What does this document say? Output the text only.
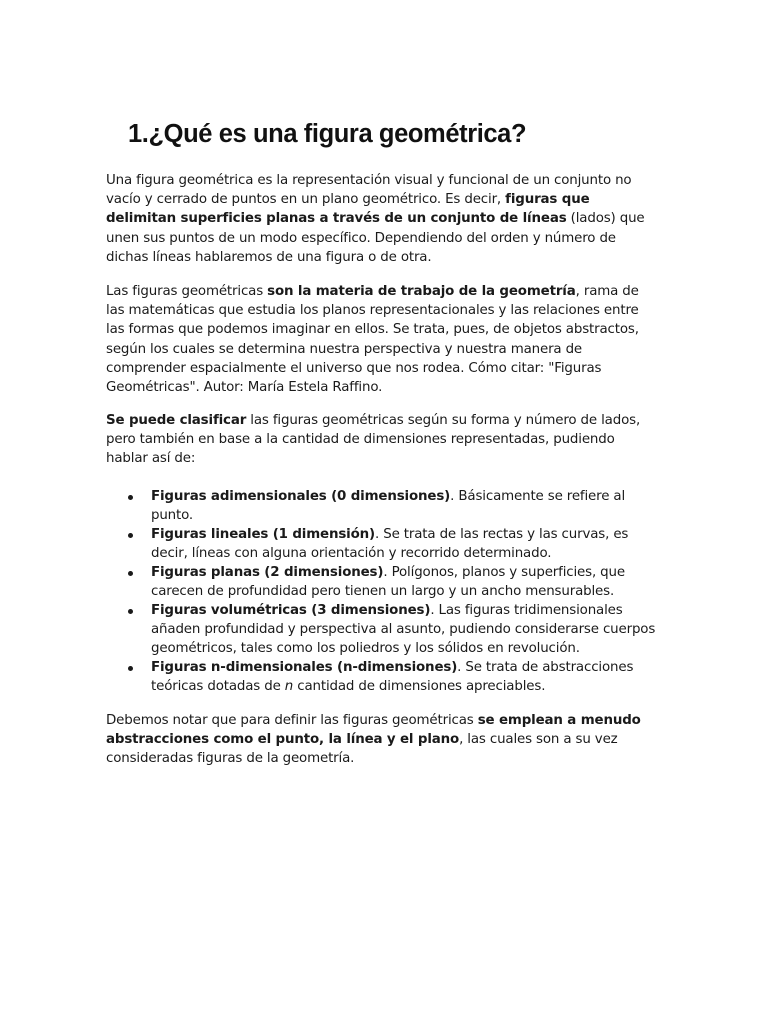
1.¿Qué es una figura geométrica?

Una figura geométrica es la representación visual y funcional de un conjunto no
vacío y cerrado de puntos en un plano geométrico. Es decir, figuras que
delimitan superficies planas a través de un conjunto de líneas (lados) que
unen sus puntos de un modo específico. Dependiendo del orden y número de
dichas líneas hablaremos de una figura o de otra.

Las figuras geométricas son la materia de trabajo de la geometría, rama de
las matemáticas que estudia los planos representacionales y las relaciones entre
las formas que podemos imaginar en ellos. Se trata, pues, de objetos abstractos,
según los cuales se determina nuestra perspectiva y nuestra manera de
comprender espacialmente el universo que nos rodea. Cómo citar: "Figuras
Geométricas". Autor: María Estela Raffino.

Se puede clasificar las figuras geométricas según su forma y número de lados,
pero también en base a la cantidad de dimensiones representadas, pudiendo
hablar así de:

Figuras adimensionales (0 dimensiones). Básicamente se refiere al
punto.
Figuras lineales (1 dimensión). Se trata de las rectas y las curvas, es
decir, líneas con alguna orientación y recorrido determinado.
Figuras planas (2 dimensiones). Polígonos, planos y superficies, que
carecen de profundidad pero tienen un largo y un ancho mensurables.
Figuras volumétricas (3 dimensiones). Las figuras tridimensionales
añaden profundidad y perspectiva al asunto, pudiendo considerarse cuerpos
geométricos, tales como los poliedros y los sólidos en revolución.
Figuras n-dimensionales (n-dimensiones). Se trata de abstracciones
teóricas dotadas de n cantidad de dimensiones apreciables.

Debemos notar que para definir las figuras geométricas se emplean a menudo
abstracciones como el punto, la línea y el plano, las cuales son a su vez
consideradas figuras de la geometría.
